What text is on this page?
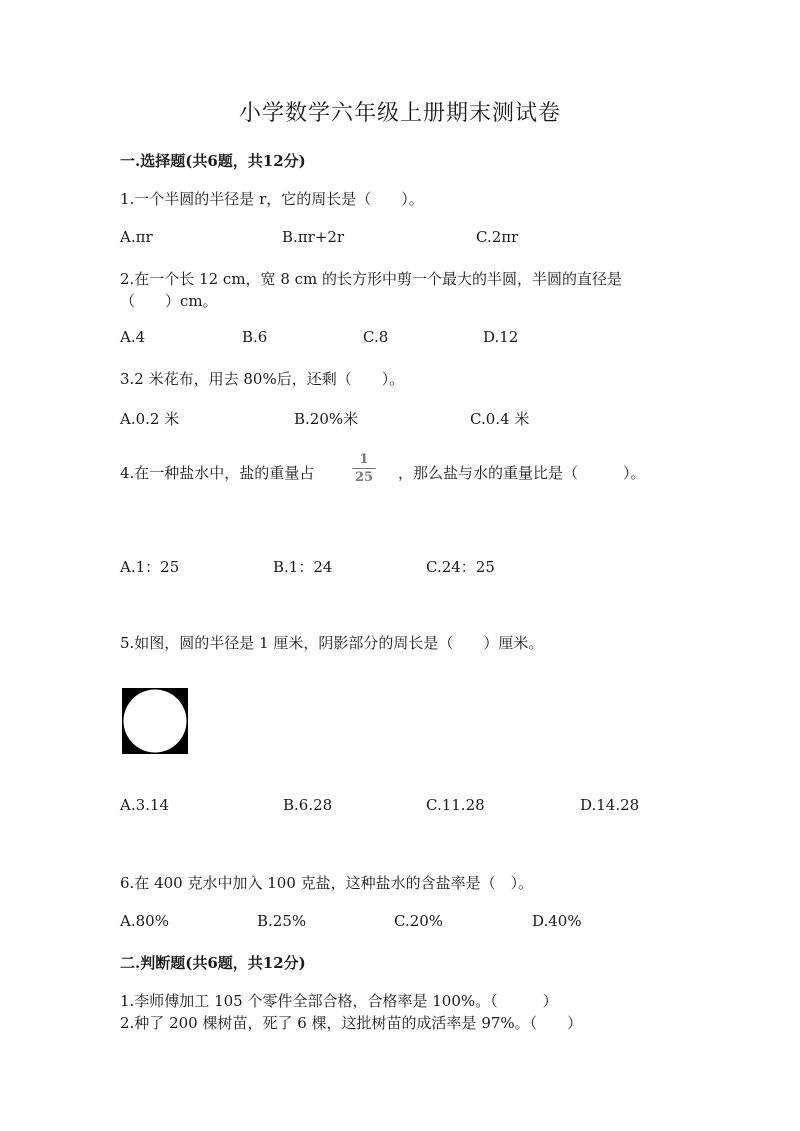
小学数学六年级上册期末测试卷
一.选择题(共6题，共12分)
1.一个半圆的半径是 r，它的周长是（　　）。
A.πr	B.πr+2r	C.2πr
2.在一个长 12 cm，宽 8 cm 的长方形中剪一个最大的半圆，半圆的直径是
（　　）cm。
A.4	B.6	C.8	D.12
3.2 米花布，用去 80%后，还剩（　　）。
A.0.2 米	B.20%米	C.0.4 米
4.在一种盐水中，盐的重量占
1
25	，那么盐与水的重量比是（　　　）。
A.1：25	B.1：24	C.24：25
5.如图，圆的半径是 1 厘米，阴影部分的周长是（　　）厘米。
A.3.14	B.6.28	C.11.28	D.14.28
6.在 400 克水中加入 100 克盐，这种盐水的含盐率是（　）。
A.80%	B.25%	C.20%	D.40%
二.判断题(共6题，共12分)
1.李师傅加工 105 个零件全部合格，合格率是 100%。（　　　）
2.种了 200 棵树苗，死了 6 棵，这批树苗的成活率是 97%。（　　）
